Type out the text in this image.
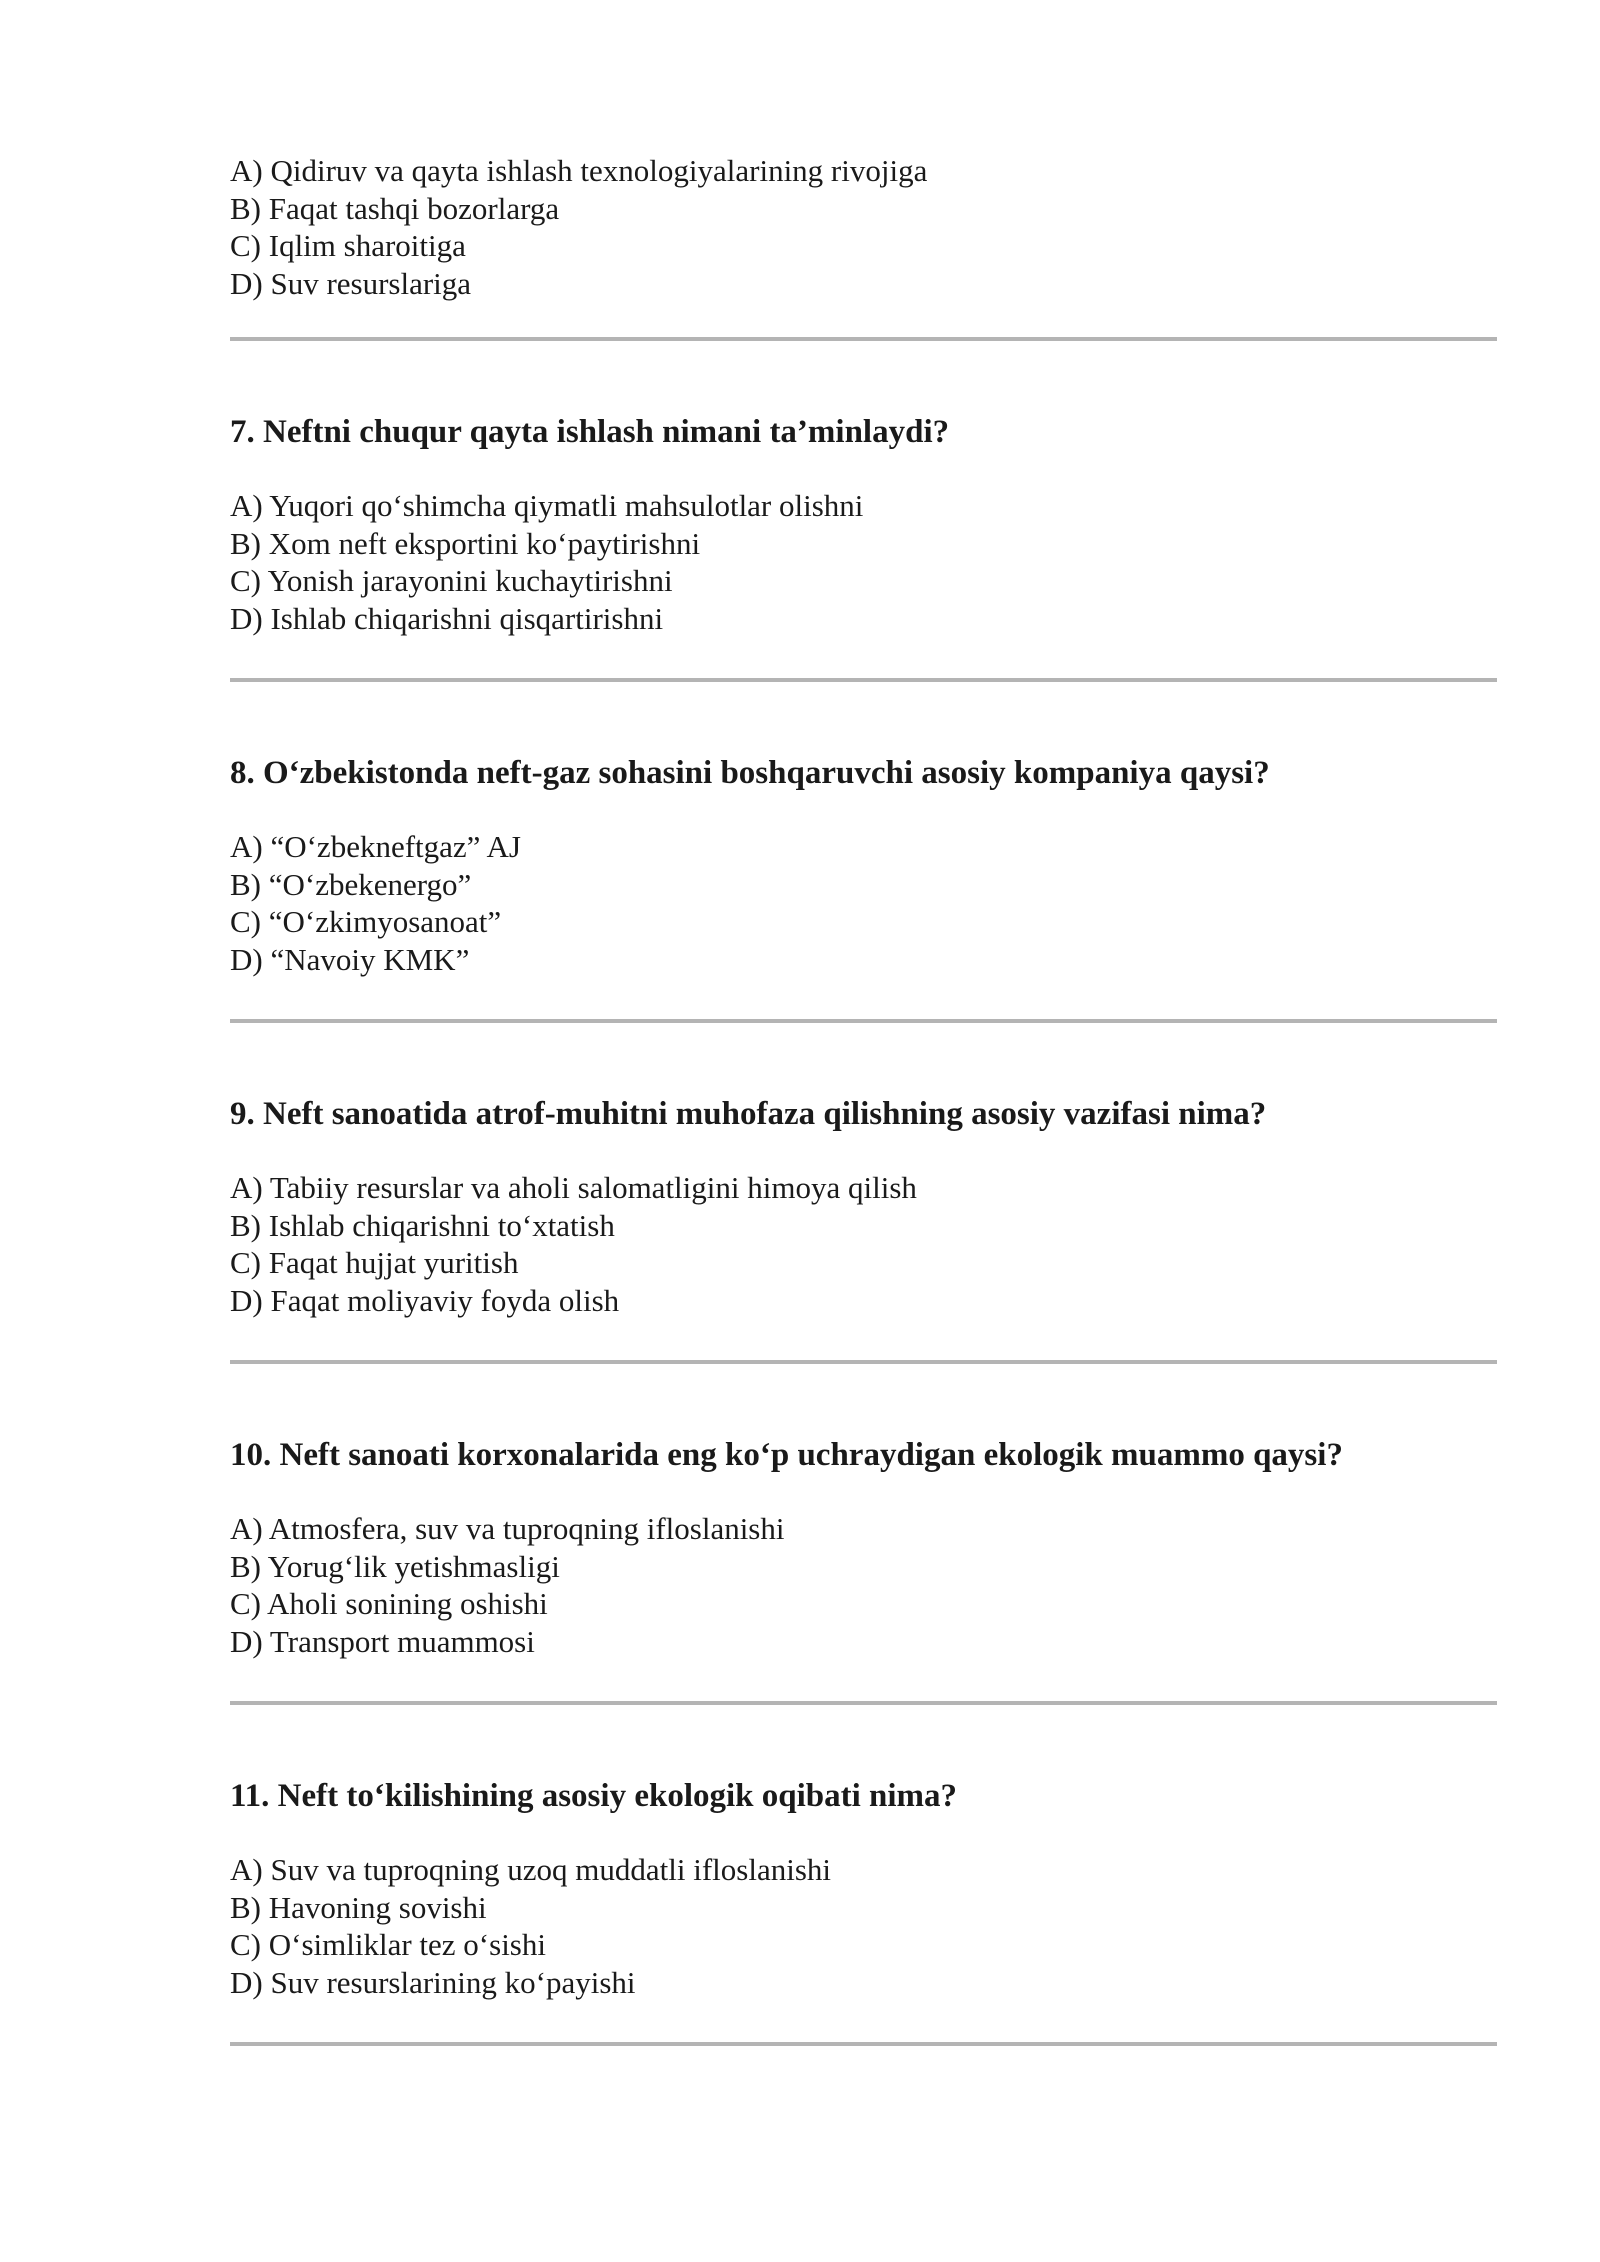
A) Qidiruv va qayta ishlash texnologiyalarining rivojiga
B) Faqat tashqi bozorlarga
C) Iqlim sharoitiga
D) Suv resurslariga

7. Neftni chuqur qayta ishlash nimani ta’minlaydi?

A) Yuqori qo‘shimcha qiymatli mahsulotlar olishni
B) Xom neft eksportini ko‘paytirishni
C) Yonish jarayonini kuchaytirishni
D) Ishlab chiqarishni qisqartirishni

8. O‘zbekistonda neft-gaz sohasini boshqaruvchi asosiy kompaniya qaysi?

A) “O‘zbekneftgaz” AJ
B) “O‘zbekenergo”
C) “O‘zkimyosanoat”
D) “Navoiy KMK”

9. Neft sanoatida atrof-muhitni muhofaza qilishning asosiy vazifasi nima?

A) Tabiiy resurslar va aholi salomatligini himoya qilish
B) Ishlab chiqarishni to‘xtatish
C) Faqat hujjat yuritish
D) Faqat moliyaviy foyda olish

10. Neft sanoati korxonalarida eng ko‘p uchraydigan ekologik muammo qaysi?

A) Atmosfera, suv va tuproqning ifloslanishi
B) Yorug‘lik yetishmasligi
C) Aholi sonining oshishi
D) Transport muammosi

11. Neft to‘kilishining asosiy ekologik oqibati nima?

A) Suv va tuproqning uzoq muddatli ifloslanishi
B) Havoning sovishi
C) O‘simliklar tez o‘sishi
D) Suv resurslarining ko‘payishi
